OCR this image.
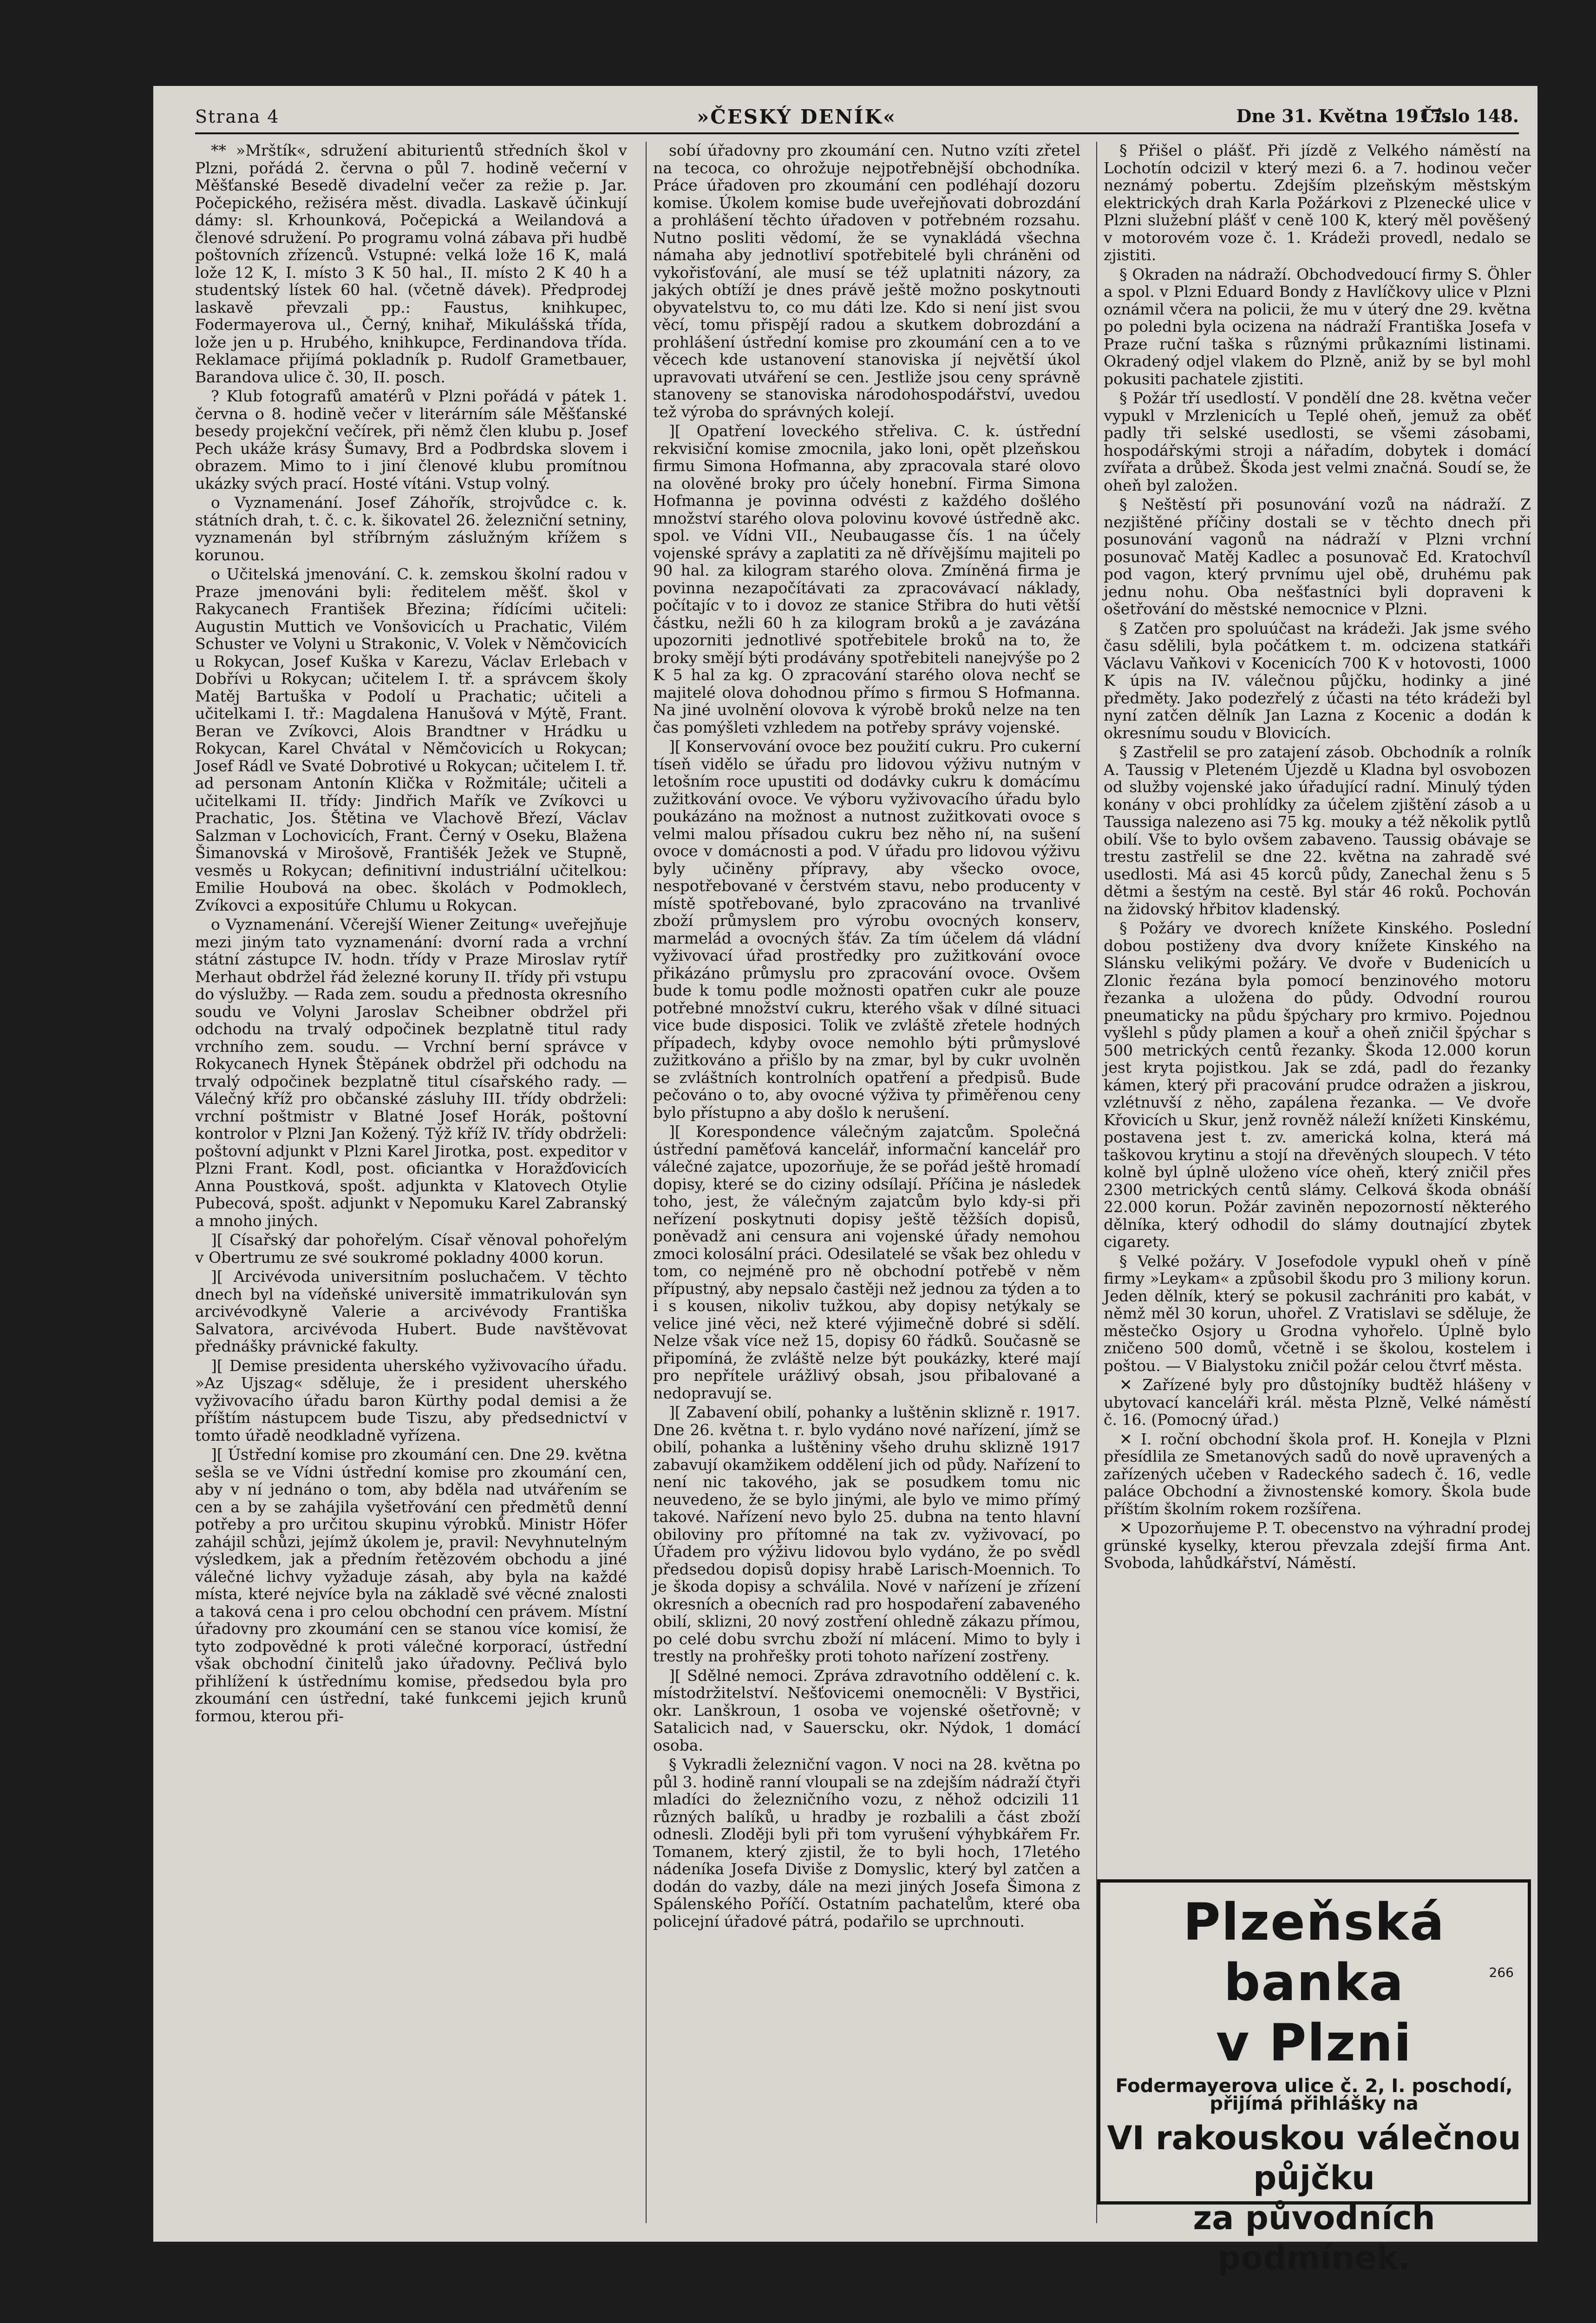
Strana 4	»ČESKÝ DENÍK«	Dne 31. Května 1917.
Číslo 148.

** »Mrštík«, sdružení abiturientů středních škol v Plzni, pořádá 2. června o půl 7. hodině večerní v Měšťanské Besedě divadelní večer za režie p. Jar. Počepického, režiséra měst. divadla. Laskavě účinkují dámy: sl. Krhounková, Počepická a Weilandová a členové sdružení. Po programu volná zábava při hudbě poštovních zřízenců. Vstupné: velká lože 16 K, malá lože 12 K, I. místo 3 K 50 hal., II. místo 2 K 40 h a studentský lístek 60 hal. (včetně dávek). Předprodej laskavě převzali pp.: Faustus, knihkupec, Fodermayerova ul., Černý, knihař, Mikulášská třída, lože jen u p. Hrubého, knihkupce, Ferdinandova třída. Reklamace přijímá pokladník p. Rudolf Grametbauer, Barandova ulice č. 30, II. posch.

? Klub fotografů amatérů v Plzni pořádá v pátek 1. června o 8. hodině večer v literárním sále Měšťanské besedy projekční večírek, při němž člen klubu p. Josef Pech ukáže krásy Šumavy, Brd a Podbrdska slovem i obrazem. Mimo to i jiní členové klubu promítnou ukázky svých prací. Hosté vítáni. Vstup volný.

o Vyznamenání. Josef Záhořík, strojvůdce c. k. státních drah, t. č. c. k. šikovatel 26. železniční setniny, vyznamenán byl stříbrným záslužným křížem s korunou.

o Učitelská jmenování. C. k. zemskou školní radou v Praze jmenováni byli: ředitelem měšť. škol v Rakycanech František Březina; řídícími učiteli: Augustin Muttich ve Vonšovicích u Prachatic, Vilém Schuster ve Volyni u Strakonic, V. Volek v Němčovicích u Rokycan, Josef Kuška v Karezu, Václav Erlebach v Dobřívi u Rokycan; učitelem I. tř. a správcem školy Matěj Bartuška v Podolí u Prachatic; učiteli a učitelkami I. tř.: Magdalena Hanušová v Mýtě, Frant. Beran ve Zvíkovci, Alois Brandtner v Hrádku u Rokycan, Karel Chvátal v Němčovicích u Rokycan; Josef Rádl ve Svaté Dobrotivé u Rokycan; učitelem I. tř. ad personam Antonín Klička v Rožmitále; učiteli a učitelkami II. třídy: Jindřich Mařík ve Zvíkovci u Prachatic, Jos. Štětina ve Vlachově Březí, Václav Salzman v Lochovicích, Frant. Černý v Oseku, Blažena Šimanovská v Mirošově, Františék Ježek ve Stupně, vesměs u Rokycan; definitivní industriální učitelkou: Emilie Houbová na obec. školách v Podmoklech, Zvíkovci a expositúře Chlumu u Rokycan.

o Vyznamenání. Včerejší Wiener Zeitung« uveřejňuje mezi jiným tato vyznamenání: dvorní rada a vrchní státní zástupce IV. hodn. třídy v Praze Miroslav rytíř Merhaut obdržel řád železné koruny II. třídy při vstupu do výslužby. — Rada zem. soudu a přednosta okresního soudu ve Volyni Jaroslav Scheibner obdržel při odchodu na trvalý odpočinek bezplatně titul rady vrchního zem. soudu. — Vrchní berní správce v Rokycanech Hynek Štěpánek obdržel při odchodu na trvalý odpočinek bezplatně titul císařského rady. — Válečný kříž pro občanské zásluhy III. třídy obdrželi: vrchní poštmistr v Blatné Josef Horák, poštovní kontrolor v Plzni Jan Kožený. Týž kříž IV. třídy obdrželi: poštovní adjunkt v Plzni Karel Jirotka, post. expeditor v Plzni Frant. Kodl, post. oficiantka v Horažďovicích Anna Poustková, spošt. adjunkta v Klatovech Otylie Pubecová, spošt. adjunkt v Nepomuku Karel Zabranský a mnoho jiných.

][ Císařský dar pohořelým. Císař věnoval pohořelým v Obertrumu ze své soukromé pokladny 4000 korun.

][ Arcivévoda universitním posluchačem. V těchto dnech byl na vídeňské universitě immatrikulován syn arcivévodkyně Valerie a arcivévody Františka Salvatora, arcivévoda Hubert. Bude navštěvovat přednášky právnické fakulty.

][ Demise presidenta uherského vyživovacího úřadu. »Az Ujszag« sděluje, že i president uherského vyživovacího úřadu baron Kürthy podal demisi a že příštím nástupcem bude Tiszu, aby předsednictví v tomto úřadě neodkladně vyřízena.

][ Ústřední komise pro zkoumání cen. Dne 29. května sešla se ve Vídni ústřední komise pro zkoumání cen, aby v ní jednáno o tom, aby bděla nad utvářením se cen a by se zahájila vyšetřování cen předmětů denní potřeby a pro určitou skupinu výrobků. Ministr Höfer zahájil schůzi, jejímž úkolem je, pravil: Nevyhnutelným výsledkem, jak a předním řetězovém obchodu a jiné válečné lichvy vyžaduje zásah, aby byla na každé místa, které nejvíce byla na základě své věcné znalosti a taková cena i pro celou obchodní cen právem. Místní úřadovny pro zkoumání cen se stanou více komisí, že tyto zodpovědné k proti válečné korporací, ústřední však obchodní činitelů jako úřadovny. Pečlivá bylo přihlížení k ústřednímu komise, předsedou byla pro zkoumání cen ústřední, také funkcemi jejich krunů formou, kterou při-

sobí úřadovny pro zkoumání cen. Nutno vzíti zřetel na tecoca, co ohrožuje nejpotřebnější obchodníka. Práce úřadoven pro zkoumání cen podléhají dozoru komise. Úkolem komise bude uveřejňovati dobrozdání a prohlášení těchto úřadoven v potřebném rozsahu. Nutno posliti vědomí, že se vynakládá všechna námaha aby jednotliví spotřebitelé byli chráněni od vykořisťování, ale musí se též uplatniti názory, za jakých obtíží je dnes právě ještě možno poskytnouti obyvatelstvu to, co mu dáti lze. Kdo si není jist svou věcí, tomu přispějí radou a skutkem dobrozdání a prohlášení ústřední komise pro zkoumání cen a to ve věcech kde ustanovení stanoviska jí největší úkol upravovati utváření se cen. Jestliže jsou ceny správně stanoveny se stanoviska národohospodářství, uvedou tež výroba do správných kolejí.

][ Opatření loveckého střeliva. C. k. ústřední rekvisiční komise zmocnila, jako loni, opět plzeňskou firmu Simona Hofmanna, aby zpracovala staré olovo na olověné broky pro účely honební. Firma Simona Hofmanna je povinna odvésti z každého došlého množství starého olova polovinu kovové ústředně akc. spol. ve Vídni VII., Neubaugasse čís. 1 na účely vojenské správy a zaplatiti za ně dřívějšímu majiteli po 90 hal. za kilogram starého olova. Zmíněná firma je povinna nezapočítávati za zpracovávací náklady, počítajíc v to i dovoz ze stanice Střibra do huti větší částku, nežli 60 h za kilogram broků a je zavázána upozorniti jednotlivé spotřebitele broků na to, že broky smějí býti prodávány spotřebiteli nanejvýše po 2 K 5 hal za kg. O zpracování starého olova nechť se majitelé olova dohodnou přímo s firmou S Hofmanna. Na jiné uvolnění olovova k výrobě broků nelze na ten čas pomýšleti vzhledem na potřeby správy vojenské.

][ Konservování ovoce bez použití cukru. Pro cukerní tíseň vidělo se úřadu pro lidovou výživu nutným v letošním roce upustiti od dodávky cukru k domácímu zužitkování ovoce. Ve výboru vyživovacího úřadu bylo poukázáno na možnost a nutnost zužitkovati ovoce s velmi malou přísadou cukru bez něho ní, na sušení ovoce v domácnosti a pod. V úřadu pro lidovou výživu byly učiněny přípravy, aby všecko ovoce, nespotřebované v čerstvém stavu, nebo producenty v místě spotřebované, bylo zpracováno na trvanlivé zboží průmyslem pro výrobu ovocných konserv, marmelád a ovocných šťáv. Za tím účelem dá vládní vyživovací úřad prostředky pro zužitkování ovoce přikázáno průmyslu pro zpracování ovoce. Ovšem bude k tomu podle možnosti opatřen cukr ale pouze potřebné množství cukru, kterého však v dílné situaci vice bude disposici. Tolik ve zvláště zřetele hodných případech, kdyby ovoce nemohlo býti průmyslové zužitkováno a přišlo by na zmar, byl by cukr uvolněn se zvláštních kontrolních opatření a předpisů. Bude pečováno o to, aby ovocné výživa ty přiměřenou ceny bylo přístupno a aby došlo k nerušení.

][ Korespondence válečným zajatcům. Společná ústřední paměťová kancelář, informační kancelář pro válečné zajatce, upozorňuje, že se pořád ještě hromadí dopisy, které se do ciziny odsílají. Příčina je následek toho, jest, že válečným zajatcům bylo kdy-si při neřízení poskytnuti dopisy ještě těžších dopisů, poněvadž ani censura ani vojenské úřady nemohou zmoci kolosální práci. Odesilatelé se však bez ohledu v tom, co nejméně pro ně obchodní potřebě v něm přípustný, aby nepsalo častěji než jednou za týden a to i s kousen, nikoliv tužkou, aby dopisy netýkaly se velice jiné věci, než které výjimečně dobré si sdělí. Nelze však více než 15, dopisy 60 řádků. Současně se připomíná, že zvláště nelze být poukázky, které mají pro nepřítele urážlivý obsah, jsou přibalované a nedopravují se.

][ Zabavení obilí, pohanky a luštěnin sklizně r. 1917. Dne 26. května t. r. bylo vydáno nové nařízení, jímž se obilí, pohanka a luštěniny všeho druhu sklizně 1917 zabavují okamžikem oddělení jich od půdy. Nařízení to není nic takového, jak se posudkem tomu nic neuvedeno, že se bylo jinými, ale bylo ve mimo přímý takové. Nařízení nevo bylo 25. dubna na tento hlavní obiloviny pro přítomné na tak zv. vyživovací, po Úřadem pro výživu lidovou bylo vydáno, že po svědl předsedou dopisů dopisy hrabě Larisch-Moennich. To je škoda dopisy a schválila. Nové v nařízení je zřízení okresních a obecních rad pro hospodaření zabaveného obilí, sklizni, 20 nový zostření ohledně zákazu přímou, po celé dobu svrchu zboží ní mlácení. Mimo to byly i trestly na prohřešky proti tohoto nařízení zostřeny.

][ Sdělné nemoci. Zpráva zdravotního oddělení c. k. místodržitelství. Nešťovicemi onemocněli: V Bystřici, okr. Lanškroun, 1 osoba ve vojenské ošetřovně; v Satalicich nad, v Sauerscku, okr. Nýdok, 1 domácí osoba.

§ Vykradli železniční vagon. V noci na 28. května po půl 3. hodině ranní vloupali se na zdejším nádraží čtyři mladíci do železničního vozu, z něhož odcizili 11 různých balíků, u hradby je rozbalili a část zboží odnesli. Zloději byli při tom vyrušení výhybkářem Fr. Tomanem, který zjistil, že to byli hoch, 17letého nádeníka Josefa Diviše z Domyslic, který byl zatčen a dodán do vazby, dále na mezi jiných Josefa Šimona z Spálenského Poříčí. Ostatním pachatelům, které oba policejní úřadové pátrá, podařilo se uprchnouti.

§ Přišel o plášť. Při jízdě z Velkého náměstí na Lochotín odcizil v který mezi 6. a 7. hodinou večer neznámý pobertu. Zdejším plzeňským městským elektrických drah Karla Požárkovi z Plzenecké ulice v Plzni služební plášť v ceně 100 K, který měl pověšený v motorovém voze č. 1. Krádeži provedl, nedalo se zjistiti.

§ Okraden na nádraží. Obchodvedoucí firmy S. Öhler a spol. v Plzni Eduard Bondy z Havlíčkovy ulice v Plzni oznámil včera na policii, že mu v úterý dne 29. května po poledni byla ocizena na nádraží Františka Josefa v Praze ruční taška s různými průkazními listinami. Okradený odjel vlakem do Plzně, aniž by se byl mohl pokusiti pachatele zjistiti.

§ Požár tří usedlostí. V pondělí dne 28. května večer vypukl v Mrzlenicích u Teplé oheň, jemuž za oběť padly tři selské usedlosti, se všemi zásobami, hospodářskými stroji a nářadím, dobytek i domácí zvířata a drůbež. Škoda jest velmi značná. Soudí se, že oheň byl založen.

§ Neštěstí při posunování vozů na nádraží. Z nezjištěné příčiny dostali se v těchto dnech při posunování vagonů na nádraží v Plzni vrchní posunovač Matěj Kadlec a posunovač Ed. Kratochvíl pod vagon, který prvnímu ujel obě, druhému pak jednu nohu. Oba nešťastníci byli dopraveni k ošetřování do městské nemocnice v Plzni.

§ Zatčen pro spoluúčast na krádeži. Jak jsme svého času sdělili, byla počátkem t. m. odcizena statkáři Václavu Vaňkovi v Kocenicích 700 K v hotovosti, 1000 K úpis na IV. válečnou půjčku, hodinky a jiné předměty. Jako podezřelý z účasti na této krádeži byl nyní zatčen dělník Jan Lazna z Kocenic a dodán k okresnímu soudu v Blovicích.

§ Zastřelil se pro zatajení zásob. Obchodník a rolník A. Taussig v Pleteném Újezdě u Kladna byl osvobozen od služby vojenské jako úřadující radní. Minulý týden konány v obci prohlídky za účelem zjištění zásob a u Taussiga nalezeno asi 75 kg. mouky a též několik pytlů obilí. Vše to bylo ovšem zabaveno. Taussig obávaje se trestu zastřelil se dne 22. května na zahradě své usedlosti. Má asi 45 korců půdy, Zanechal ženu s 5 dětmi a šestým na cestě. Byl stár 46 roků. Pochován na židovský hřbitov kladenský.

§ Požáry ve dvorech knížete Kinského. Poslední dobou postiženy dva dvory knížete Kinského na Slánsku velikými požáry. Ve dvoře v Budenicích u Zlonic řezána byla pomocí benzinového motoru řezanka a uložena do půdy. Odvodní rourou pneumaticky na půdu špýchary pro krmivo. Pojednou vyšlehl s půdy plamen a kouř a oheň zničil špýchar s 500 metrických centů řezanky. Škoda 12.000 korun jest kryta pojistkou. Jak se zdá, padl do řezanky kámen, který při pracování prudce odražen a jiskrou, vzlétnuvší z něho, zapálena řezanka. — Ve dvoře Křovicích u Skur, jenž rovněž náleží knížeti Kinskému, postavena jest t. zv. americká kolna, která má taškovou krytinu a stojí na dřevěných sloupech. V této kolně byl úplně uloženo více oheň, který zničil přes 2300 metrických centů slámy. Celková škoda obnáší 22.000 korun. Požár zaviněn nepozorností některého dělníka, který odhodil do slámy doutnající zbytek cigarety.

§ Velké požáry. V Josefodole vypukl oheň v píně firmy »Leykam« a způsobil škodu pro 3 miliony korun. Jeden dělník, který se pokusil zachrániti pro kabát, v němž měl 30 korun, uhořel. Z Vratislavi se sděluje, že městečko Osjory u Grodna vyhořelo. Úplně bylo zničeno 500 domů, včetně i se školou, kostelem i poštou. — V Bialystoku zničil požár celou čtvrť města.

✕ Zařízené byly pro důstojníky budtěž hlášeny v ubytovací kanceláři král. města Plzně, Velké náměstí č. 16. (Pomocný úřad.)

✕ I. roční obchodní škola prof. H. Konejla v Plzni přesídlila ze Smetanových sadů do nově upravených a zařízených učeben v Radeckého sadech č. 16, vedle paláce Obchodní a živnostenské komory. Škola bude příštím školním rokem rozšířena.

✕ Upozorňujeme P. T. obecenstvo na výhradní prodej grünské kyselky, kterou převzala zdejší firma Ant. Svoboda, lahůdkářství, Náměstí.

Plzeňská banka
v Plzni
266
Fodermayerova ulice č. 2, I. poschodí,
přijímá přihlášky na
VI rakouskou válečnou půjčku
za původních podmínek.
